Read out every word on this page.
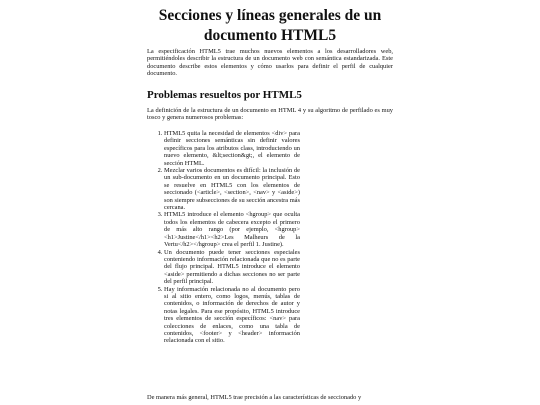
Secciones y líneas generales de un documento HTML5

La especificación HTML5 trae muchos nuevos elementos a los desarrolladores web, permitiéndoles describir la estructura de un documento web con semántica estandarizada. Este documento describe estos elementos y cómo usarlos para definir el perfil de cualquier documento.

Problemas resueltos por HTML5

La definición de la estructura de un documento en HTML 4 y su algoritmo de perfilado es muy tosco y genera numerosos problemas:

1. HTML5 quita la necesidad de elementos <div> para definir secciones semánticas sin definir valores específicos para los atributos class, introduciendo un nuevo elemento, &lt;section&gt;, el elemento de sección HTML.
2. Mezclar varios documentos es difícil: la inclusión de un sub-documento en un documento principal. Esto se resuelve en HTML5 con los elementos de seccionado (<article>, <section>, <nav> y <aside>) son siempre subsecciones de su sección ancestra más cercana.
3. HTML5 introduce el elemento <hgroup> que oculta todos los elementos de cabecera excepto el primero de más alto rango (por ejemplo, <hgroup><h1>Justine</h1><h2>Les Malheurs de la Vertu</h2></hgroup> crea el perfil 1. Justine).
4. Un documento puede tener secciones especiales conteniendo información relacionada que no es parte del flujo principal. HTML5 introduce el elemento <aside> permitiendo a dichas secciones no ser parte del perfil principal.
5. Hay información relacionada no al documento pero si al sitio entero, como logos, menús, tablas de contenidos, o información de derechos de autor y notas legales. Para ese propósito, HTML5 introduce tres elementos de sección específicos: <nav> para colecciones de enlaces, como una tabla de contenidos, <footer> y <header> información relacionada con el sitio.

De manera más general, HTML5 trae precisión a las características de seccionado y
